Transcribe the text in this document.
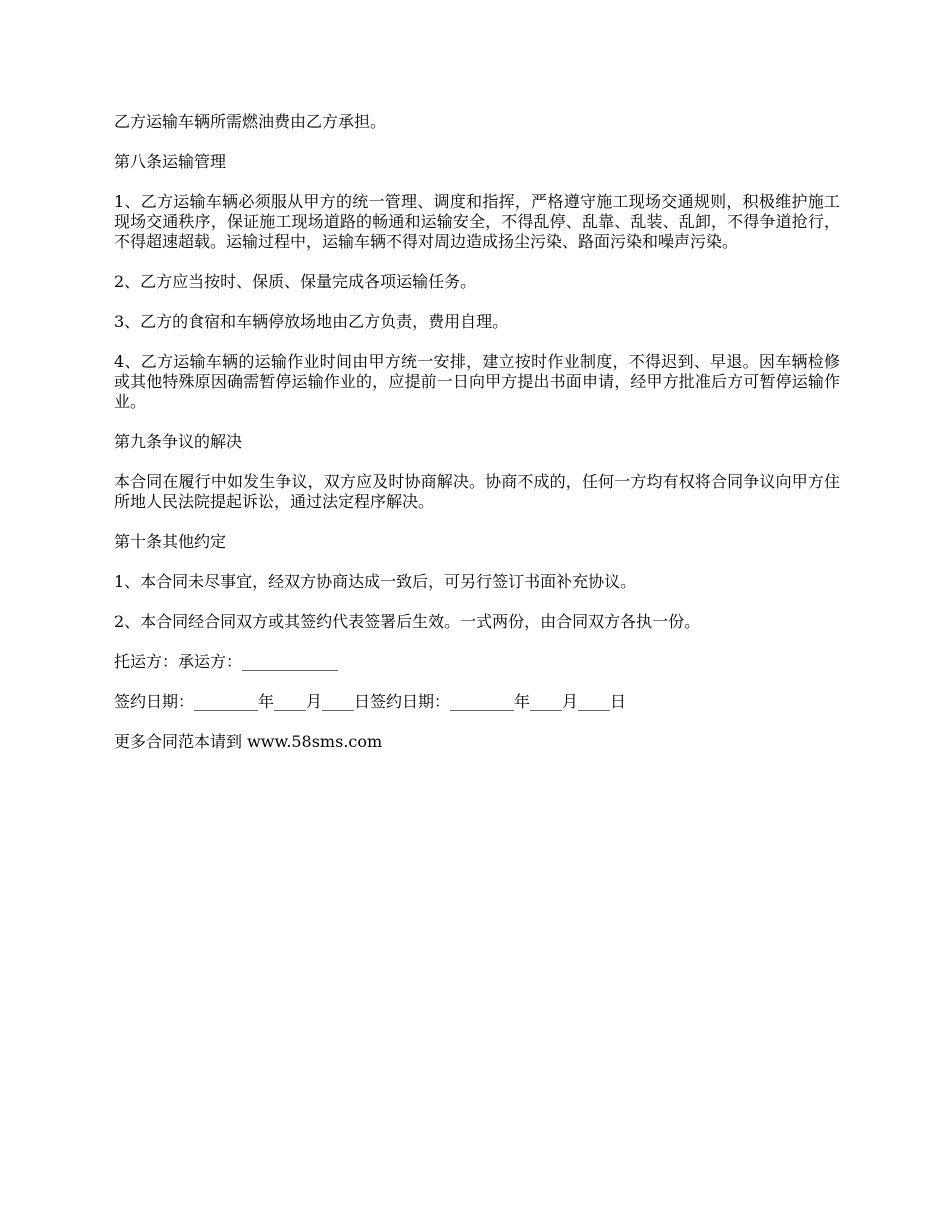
乙方运输车辆所需燃油费由乙方承担。

第八条运输管理

1、乙方运输车辆必须服从甲方的统一管理、调度和指挥，严格遵守施工现场交通规则，积极维护施工现场交通秩序，保证施工现场道路的畅通和运输安全，不得乱停、乱靠、乱装、乱卸，不得争道抢行，不得超速超载。运输过程中，运输车辆不得对周边造成扬尘污染、路面污染和噪声污染。

2、乙方应当按时、保质、保量完成各项运输任务。

3、乙方的食宿和车辆停放场地由乙方负责，费用自理。

4、乙方运输车辆的运输作业时间由甲方统一安排，建立按时作业制度，不得迟到、早退。因车辆检修或其他特殊原因确需暂停运输作业的，应提前一日向甲方提出书面申请，经甲方批准后方可暂停运输作业。

第九条争议的解决

本合同在履行中如发生争议，双方应及时协商解决。协商不成的，任何一方均有权将合同争议向甲方住所地人民法院提起诉讼，通过法定程序解决。

第十条其他约定

1、本合同未尽事宜，经双方协商达成一致后，可另行签订书面补充协议。

2、本合同经合同双方或其签约代表签署后生效。一式两份，由合同双方各执一份。

托运方：承运方：____________

签约日期：________年____月____日签约日期：________年____月____日

更多合同范本请到 www.58sms.com
